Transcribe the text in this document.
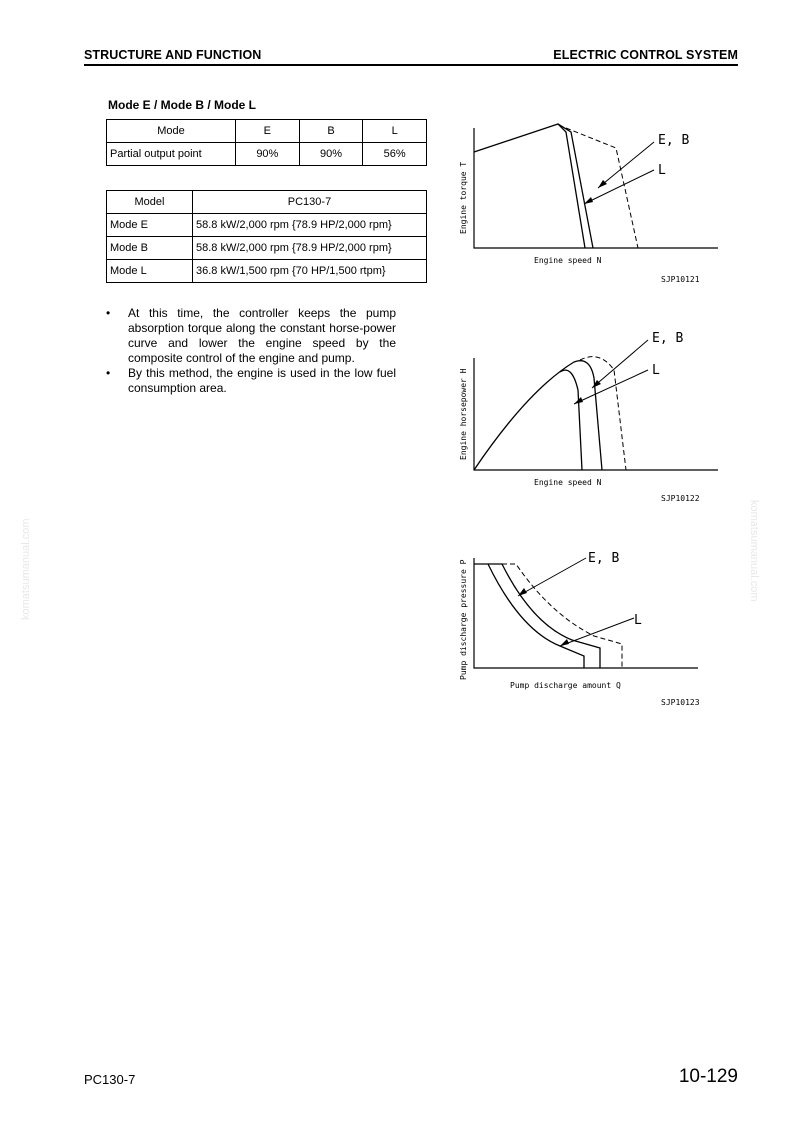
STRUCTURE AND FUNCTION	ELECTRIC CONTROL SYSTEM
Mode E / Mode B / Mode L
Mode	E	B	L
Partial output point	90%	90%	56%
Model	PC130-7
Mode E	58.8 kW/2,000 rpm {78.9 HP/2,000 rpm}
Mode B	58.8 kW/2,000 rpm {78.9 HP/2,000 rpm}
Mode L	36.8 kW/1,500 rpm {70 HP/1,500 rtpm}

•	At this time, the controller keeps the pump absorption torque along the constant horse-power curve and lower the engine speed by the composite control of the engine and pump.

•	By this method, the engine is used in the low fuel consumption area.

E, B
L
Engine speed N
Engine torque T
SJP10121
E, B
L
Engine speed N
Engine horsepower H
SJP10122
E, B
L
Pump discharge amount Q
Pump discharge pressure P
SJP10123
komatsumanual.com	komatsumanual.com
PC130-7	10-129
